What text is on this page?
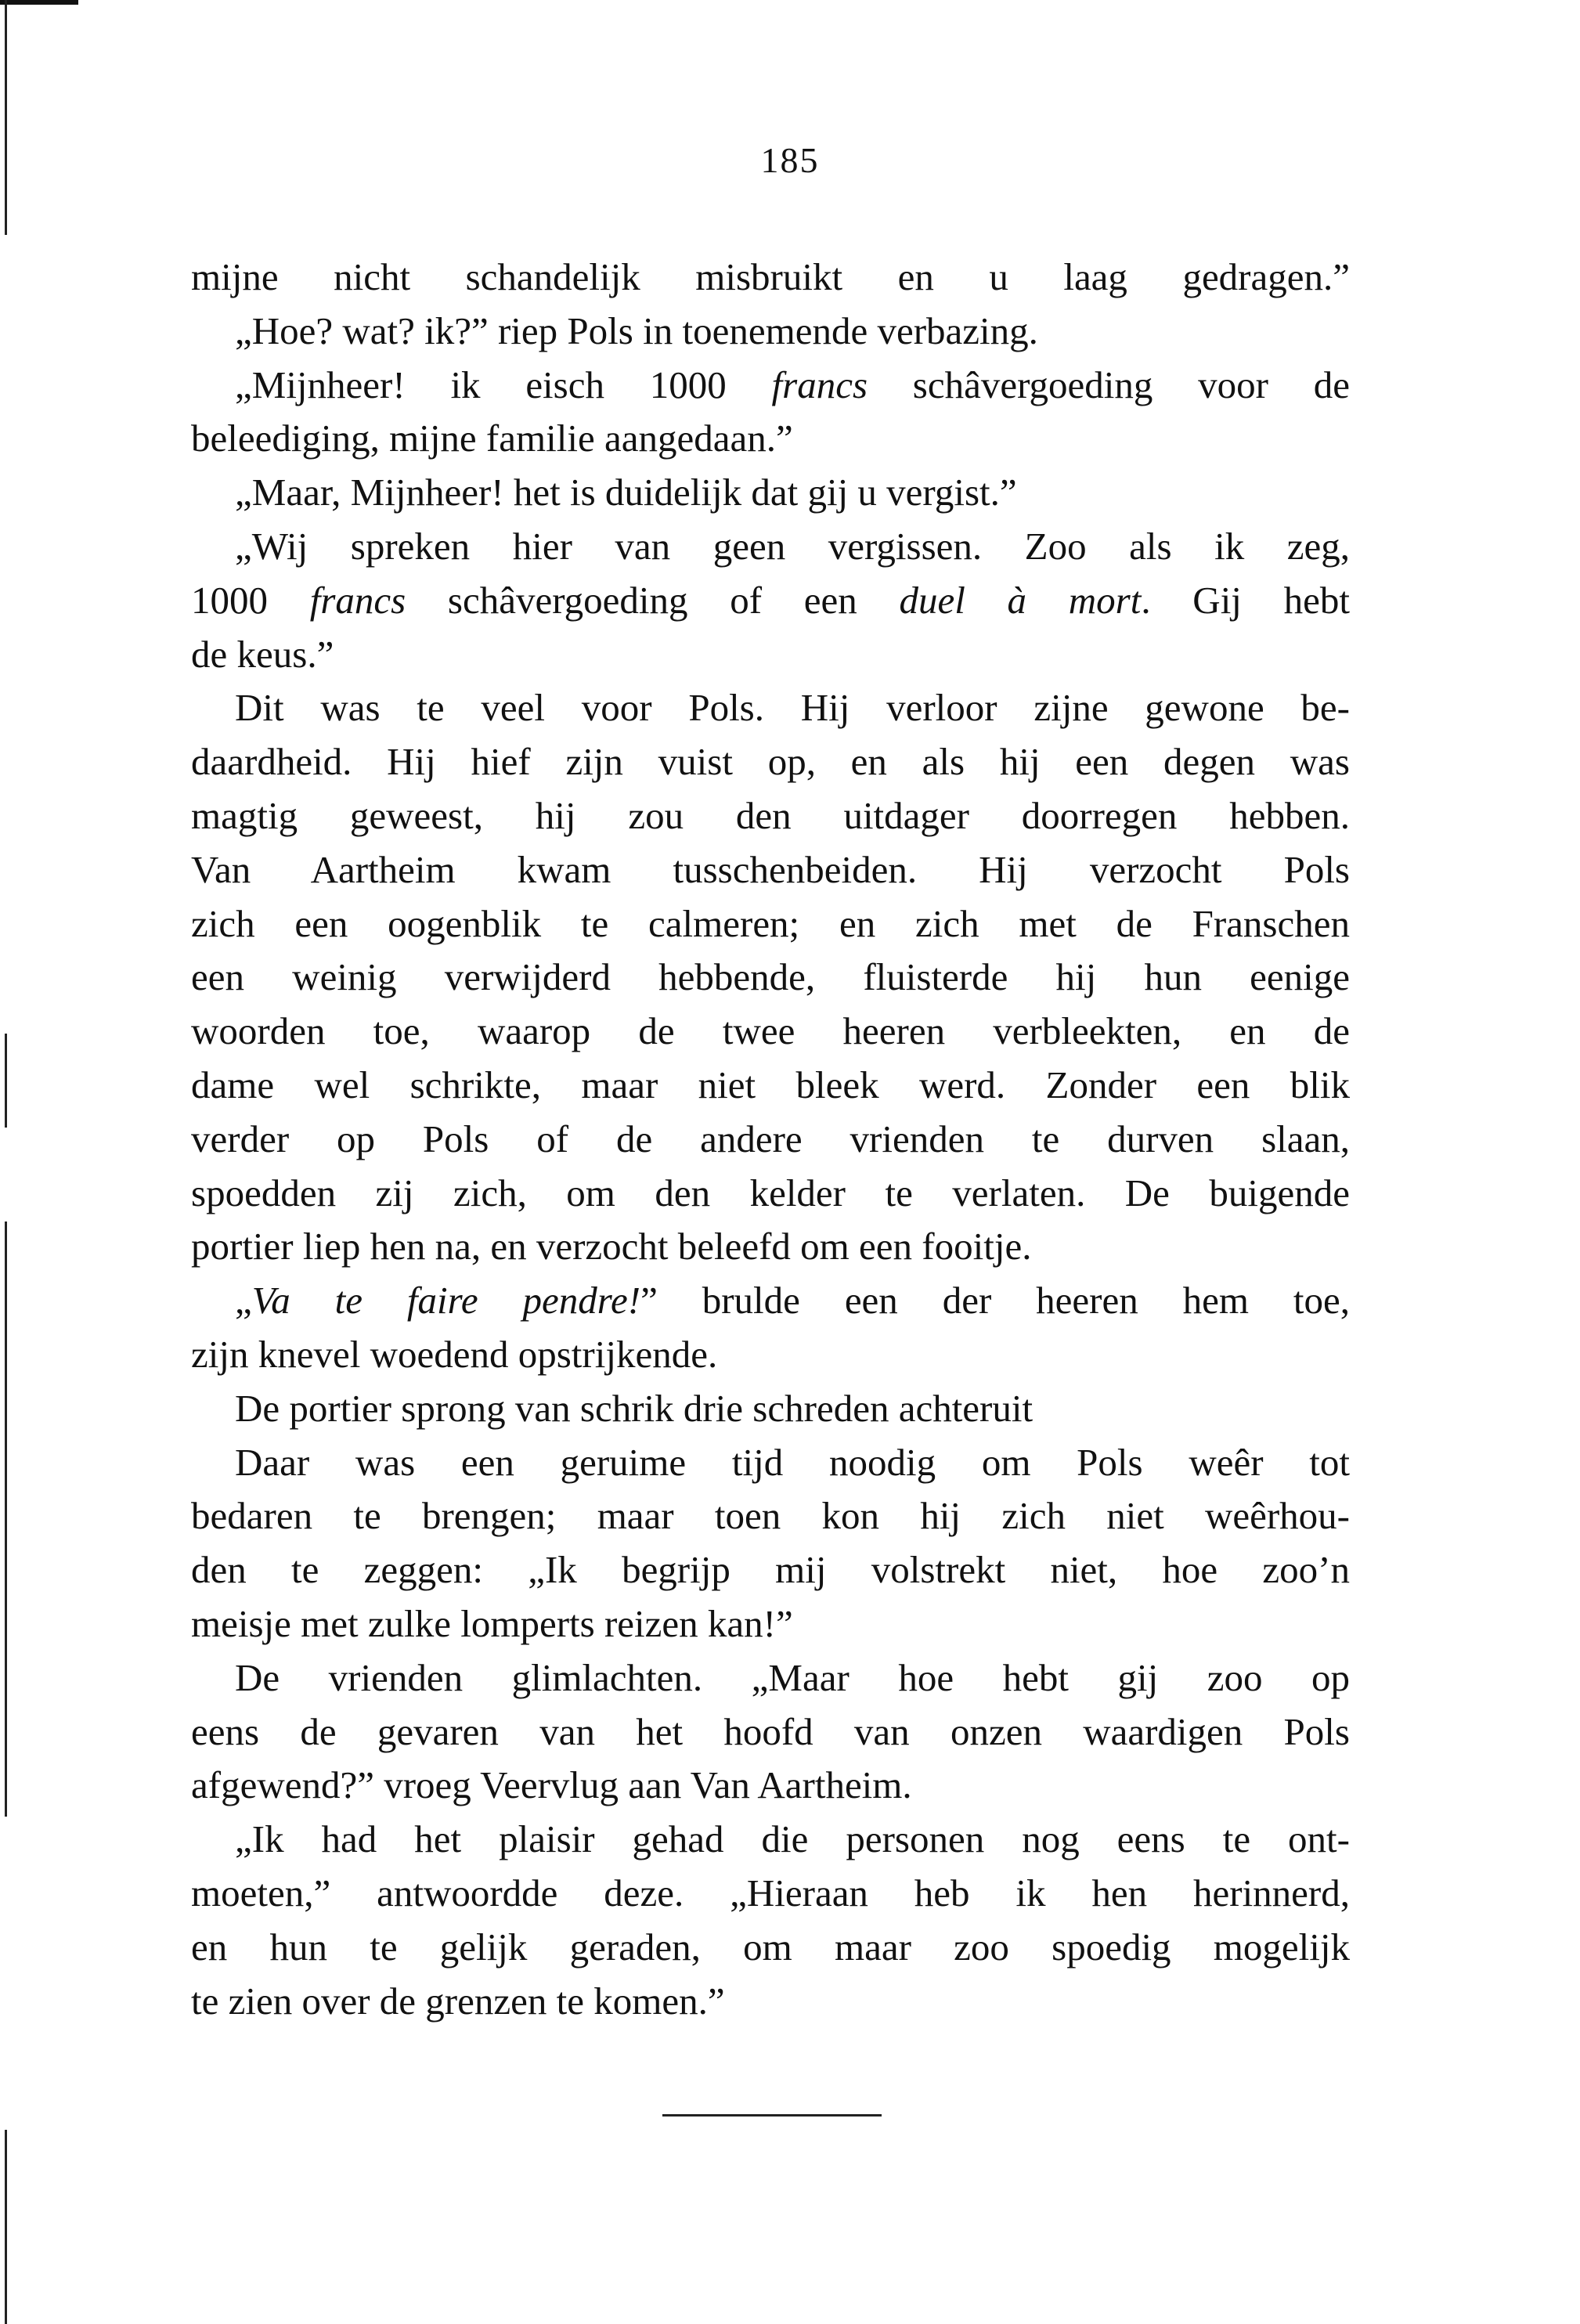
185
mijne nicht schandelijk misbruikt en u laag gedragen.”
„Hoe? wat? ik?” riep Pols in toenemende verbazing.
„Mijnheer! ik eisch 1000 francs schâvergoeding voor de
beleediging, mijne familie aangedaan.”
„Maar, Mijnheer! het is duidelijk dat gij u vergist.”
„Wij spreken hier van geen vergissen. Zoo als ik zeg,
1000 francs schâvergoeding of een duel à mort. Gij hebt
de keus.”
Dit was te veel voor Pols. Hij verloor zijne gewone be-
daardheid. Hij hief zijn vuist op, en als hij een degen was
magtig geweest, hij zou den uitdager doorregen hebben.
Van Aartheim kwam tusschenbeiden. Hij verzocht Pols
zich een oogenblik te calmeren; en zich met de Franschen
een weinig verwijderd hebbende, fluisterde hij hun eenige
woorden toe, waarop de twee heeren verbleekten, en de
dame wel schrikte, maar niet bleek werd. Zonder een blik
verder op Pols of de andere vrienden te durven slaan,
spoedden zij zich, om den kelder te verlaten. De buigende
portier liep hen na, en verzocht beleefd om een fooitje.
„Va te faire pendre!” brulde een der heeren hem toe,
zijn knevel woedend opstrijkende.
De portier sprong van schrik drie schreden achteruit
Daar was een geruime tijd noodig om Pols weêr tot
bedaren te brengen; maar toen kon hij zich niet weêrhou-
den te zeggen: „Ik begrijp mij volstrekt niet, hoe zoo’n
meisje met zulke lomperts reizen kan!”
De vrienden glimlachten. „Maar hoe hebt gij zoo op
eens de gevaren van het hoofd van onzen waardigen Pols
afgewend?” vroeg Veervlug aan Van Aartheim.
„Ik had het plaisir gehad die personen nog eens te ont-
moeten,” antwoordde deze. „Hieraan heb ik hen herinnerd,
en hun te gelijk geraden, om maar zoo spoedig mogelijk
te zien over de grenzen te komen.”
